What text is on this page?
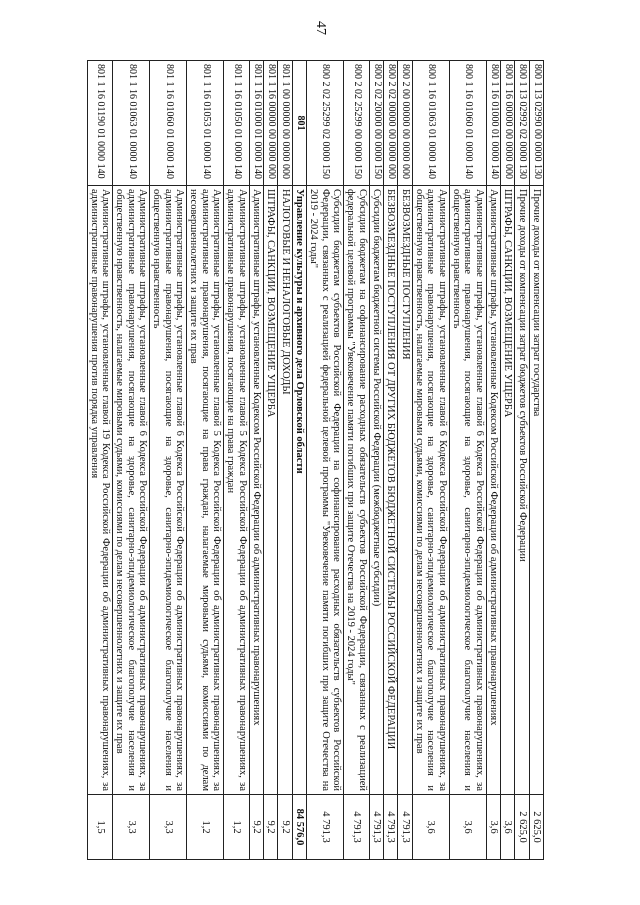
47
800 1 13 02990 00 0000 130	Прочие доходы от компенсации затрат государства	2 625,0
800 1 13 02992 02 0000 130	Прочие доходы от компенсации затрат бюджетов субъектов Российской Федерации	2 625,0
800 1 16 00000 00 0000 000	ШТРАФЫ, САНКЦИИ, ВОЗМЕЩЕНИЕ УЩЕРБА	3,6
800 1 16 01000 01 0000 140	Административные штрафы, установленные Кодексом Российской Федерации об административных правонарушениях	3,6
800 1 16 01060 01 0000 140	Административные штрафы, установленные главой 6 Кодекса Российской Федерации об административных правонарушениях, за административные правонарушения, посягающие на здоровье, санитарно-эпидемиологическое благополучие населения и общественную нравственность	3,6
800 1 16 01063 01 0000 140	Административные штрафы, установленные главой 6 Кодекса Российской Федерации об административных правонарушениях, за административные правонарушения, посягающие на здоровье, санитарно-эпидемиологическое благополучие населения и общественную нравственность, налагаемые мировыми судьями, комиссиями по делам несовершеннолетних и защите их прав	3,6
800 2 00 00000 00 0000 000	БЕЗВОЗМЕЗДНЫЕ ПОСТУПЛЕНИЯ	4 791,3
800 2 02 00000 00 0000 000	БЕЗВОЗМЕЗДНЫЕ ПОСТУПЛЕНИЯ ОТ ДРУГИХ БЮДЖЕТОВ БЮДЖЕТНОЙ СИСТЕМЫ РОССИЙСКОЙ ФЕДЕРАЦИИ	4 791,3
800 2 02 20000 00 0000 150	Субсидии бюджетам бюджетной системы Российской Федерации (межбюджетные субсидии)	4 791,3
800 2 02 25299 00 0000 150	Субсидии бюджетам на софинансирование расходных обязательств субъектов Российской Федерации, связанных с реализацией федеральной целевой программы "Увековечение памяти погибших при защите Отечества на 2019 - 2024 годы"	4 791,3
800 2 02 25299 02 0000 150	Субсидии бюджетам субъектов Российской Федерации на софинансирование расходных обязательств субъектов Российской Федерации, связанных с реализацией федеральной целевой программы "Увековечение памяти погибших при защите Отечества на 2019 - 2024 годы"	4 791,3
801	Управление культуры и архивного дела Орловской области	84 576,0
801 1 00 00000 00 0000 000	НАЛОГОВЫЕ И НЕНАЛОГОВЫЕ ДОХОДЫ	9,2
801 1 16 00000 00 0000 000	ШТРАФЫ, САНКЦИИ, ВОЗМЕЩЕНИЕ УЩЕРБА	9,2
801 1 16 01000 01 0000 140	Административные штрафы, установленные Кодексом Российской Федерации об административных правонарушениях	9,2
801 1 16 01050 01 0000 140	Административные штрафы, установленные главой 5 Кодекса Российской Федерации об административных правонарушениях, за административные правонарушения, посягающие на права граждан	1,2
801 1 16 01053 01 0000 140	Административные штрафы, установленные главой 5 Кодекса Российской Федерации об административных правонарушениях, за административные правонарушения, посягающие на права граждан, налагаемые мировыми судьями, комиссиями по делам несовершеннолетних и защите их прав	1,2
801 1 16 01060 01 0000 140	Административные штрафы, установленные главой 6 Кодекса Российской Федерации об административных правонарушениях, за административные правонарушения, посягающие на здоровье, санитарно-эпидемиологическое благополучие населения и общественную нравственность	3,3
801 1 16 01063 01 0000 140	Административные штрафы, установленные главой 6 Кодекса Российской Федерации об административных правонарушениях, за административные правонарушения, посягающие на здоровье, санитарно-эпидемиологическое благополучие населения и общественную нравственность, налагаемые мировыми судьями, комиссиями по делам несовершеннолетних и защите их прав	3,3
801 1 16 01190 01 0000 140	Административные штрафы, установленные главой 19 Кодекса Российской Федерации об административных правонарушениях, за административные правонарушения против порядка управления	1,5
